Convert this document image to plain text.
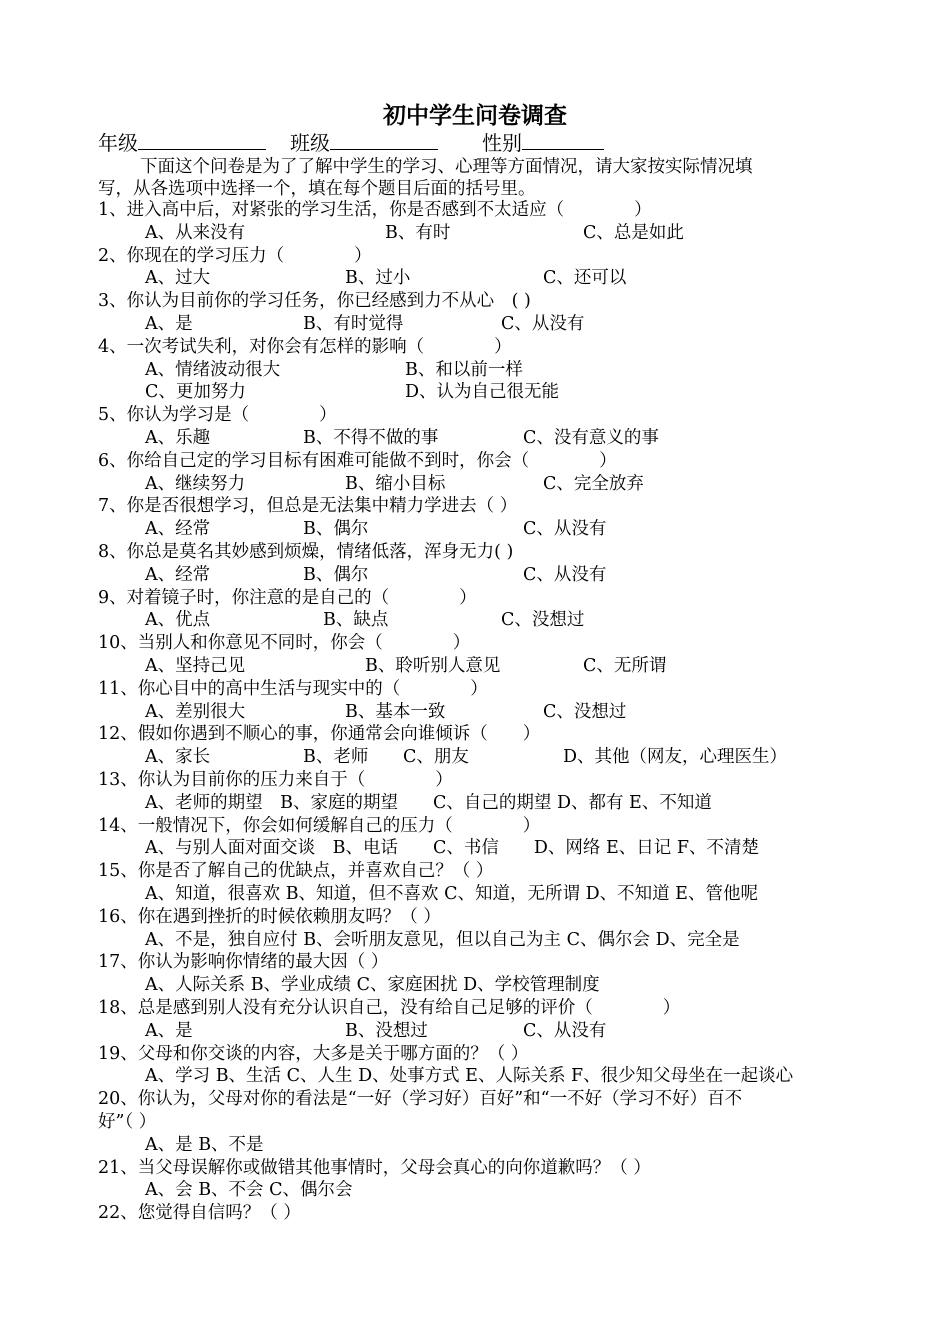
初中学生问卷调查
年级	班级	性别
下面这个问卷是为了了解中学生的学习、心理等方面情况，请大家按实际情况填
写，从各选项中选择一个，填在每个题目后面的括号里。
1、进入高中后，对紧张的学习生活，你是否感到不太适应（　　　　）
A、从来没有	B、有时	C、总是如此
2、你现在的学习压力（　　　　）
A、过大	B、过小	C、还可以
3、你认为目前你的学习任务，你已经感到力不从心　( )
A、是	B、有时觉得	C、从没有
4、一次考试失利，对你会有怎样的影响（　　　　）
A、情绪波动很大	B、和以前一样
C、更加努力	D、认为自己很无能
5、你认为学习是（　　　　）
A、乐趣	B、不得不做的事	C、没有意义的事
6、你给自己定的学习目标有困难可能做不到时，你会（　　　　）
A、继续努力	B、缩小目标	C、完全放弃
7、你是否很想学习，但总是无法集中精力学进去（ ）
A、经常	B、偶尔	C、从没有
8、你总是莫名其妙感到烦燥，情绪低落，浑身无力( )
A、经常	B、偶尔	C、从没有
9、对着镜子时，你注意的是自己的（　　　　）
A、优点	B、缺点	C、没想过
10、当别人和你意见不同时，你会（　　　　）
A、坚持己见	B、聆听别人意见	C、无所谓
11、你心目中的高中生活与现实中的（　　　　）
A、差别很大	B、基本一致	C、没想过
12、假如你遇到不顺心的事，你通常会向谁倾诉（　　）
A、家长	B、老师 C、朋友	D、其他（网友，心理医生）
13、你认为目前你的压力来自于（　　　　）
A、老师的期望　B、家庭的期望　　C、自己的期望 D、都有 E、不知道
14、一般情况下，你会如何缓解自己的压力（　　　　）
A、与别人面对面交谈　B、电话　　C、书信　　D、网络 E、日记 F、不清楚
15、你是否了解自己的优缺点，并喜欢自己？（ ）
A、知道，很喜欢 B、知道，但不喜欢 C、知道，无所谓 D、不知道 E、管他呢
16、你在遇到挫折的时候依赖朋友吗？（ ）
A、不是，独自应付 B、会听朋友意见，但以自己为主 C、偶尔会 D、完全是
17、你认为影响你情绪的最大因（ ）
A、人际关系 B、学业成绩 C、家庭困扰 D、学校管理制度
18、总是感到别人没有充分认识自己，没有给自己足够的评价（　　　　）
A、是	B、没想过	C、从没有
19、父母和你交谈的内容，大多是关于哪方面的？（ ）
A、学习 B、生活 C、人生 D、处事方式 E、人际关系 F、很少知父母坐在一起谈心
20、你认为，父母对你的看法是“一好（学习好）百好”和“一不好（学习不好）百不
好”（ ）
A、是 B、不是
21、当父母误解你或做错其他事情时，父母会真心的向你道歉吗？（ ）
A、会 B、不会 C、偶尔会
22、您觉得自信吗？（ ）
